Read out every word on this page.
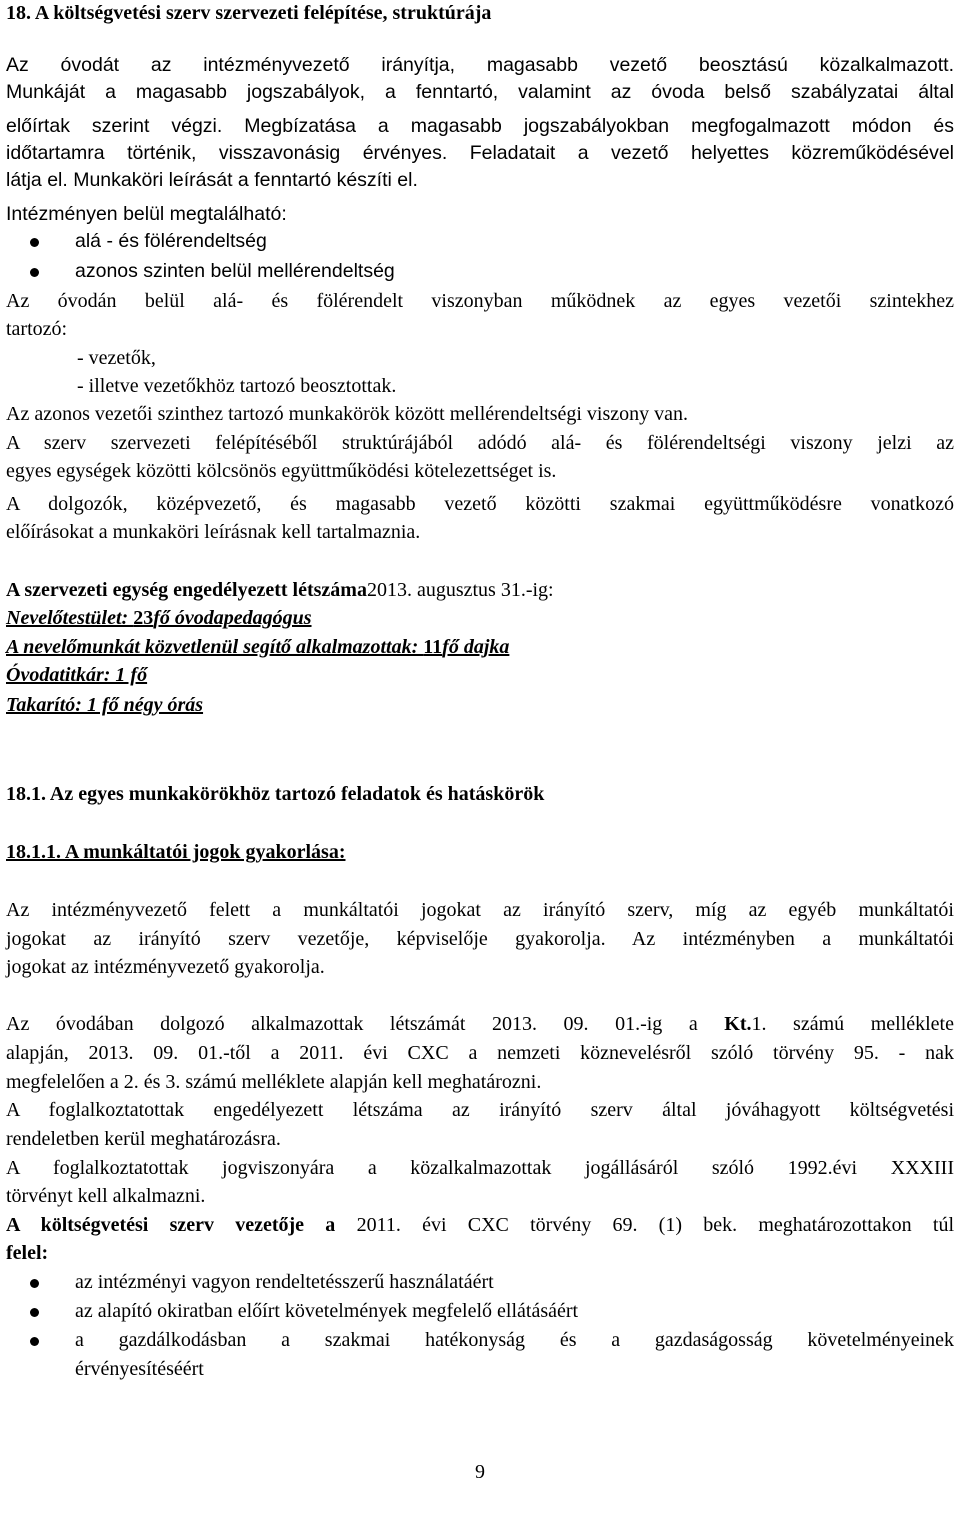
18. A költségvetési szerv szervezeti felépítése, struktúrája
Az óvodát az intézményvezető irányítja, magasabb vezető beosztású közalkalmazott.
Munkáját a magasabb jogszabályok, a fenntartó, valamint az óvoda belső szabályzatai által
előírtak szerint végzi. Megbízatása a magasabb jogszabályokban megfogalmazott módon és
időtartamra történik, visszavonásig érvényes. Feladatait a vezető helyettes közreműködésével
látja el. Munkaköri leírását a fenntartó készíti el.
Intézményen belül megtalálható:
alá - és fölérendeltség
azonos szinten belül mellérendeltség
Az óvodán belül alá- és fölérendelt viszonyban működnek az egyes vezetői szintekhez
tartozó:
- vezetők,
- illetve vezetőkhöz tartozó beosztottak.
Az azonos vezetői szinthez tartozó munkakörök között mellérendeltségi viszony van.
A szerv szervezeti felépítéséből struktúrájából adódó alá- és fölérendeltségi viszony jelzi az
egyes egységek közötti kölcsönös együttműködési kötelezettséget is.
A dolgozók, középvezető, és magasabb vezető közötti szakmai együttműködésre vonatkozó
előírásokat a munkaköri leírásnak kell tartalmaznia.
A szervezeti egység engedélyezett létszáma2013. augusztus 31.-ig:
Nevelőtestület: 23fő óvodapedagógus
A nevelőmunkát közvetlenül segítő alkalmazottak: 11fő dajka
Óvodatitkár: 1 fő
Takarító: 1 fő négy órás
18.1. Az egyes munkakörökhöz tartozó feladatok és hatáskörök
18.1.1. A munkáltatói jogok gyakorlása:
Az intézményvezető felett a munkáltatói jogokat az irányító szerv, míg az egyéb munkáltatói
jogokat az irányító szerv vezetője, képviselője gyakorolja. Az intézményben a munkáltatói
jogokat az intézményvezető gyakorolja.
Az óvodában dolgozó alkalmazottak létszámát 2013. 09. 01.-ig a Kt.1. számú melléklete
alapján, 2013. 09. 01.-től a 2011. évi CXC a nemzeti köznevelésről szóló törvény 95. - nak
megfelelően a 2. és 3. számú melléklete alapján kell meghatározni.
A foglalkoztatottak engedélyezett létszáma az irányító szerv által jóváhagyott költségvetési
rendeletben kerül meghatározásra.
A foglalkoztatottak jogviszonyára a közalkalmazottak jogállásáról szóló 1992.évi XXXIII
törvényt kell alkalmazni.
A költségvetési szerv vezetője a 2011. évi CXC törvény 69. (1) bek. meghatározottakon túl
felel:
az intézményi vagyon rendeltetésszerű használatáért
az alapító okiratban előírt követelmények megfelelő ellátásáért
a gazdálkodásban a szakmai hatékonyság és a gazdaságosság követelményeinek
érvényesítéséért
9
